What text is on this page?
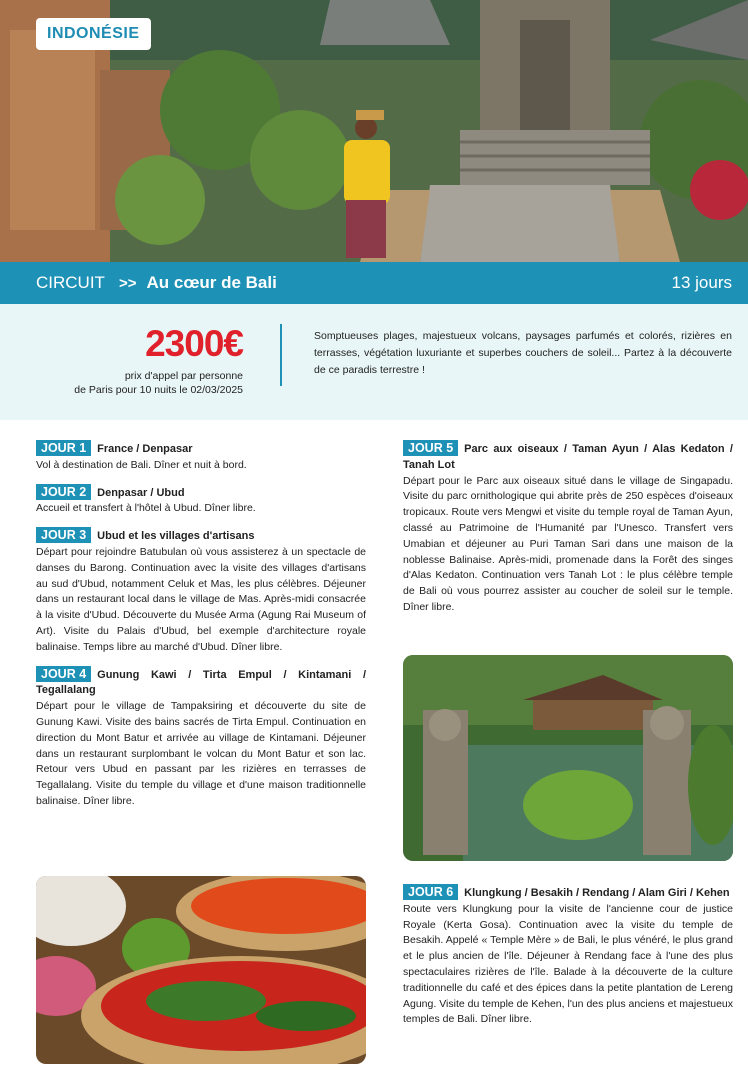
INDONÉSIE
CIRCUIT >> Au cœur de Bali	13 jours
2300€
prix d'appel par personne
de Paris pour 10 nuits le 02/03/2025
Somptueuses plages, majestueux volcans, paysages parfumés et colorés, rizières en terrasses, végétation luxuriante et superbes couchers de soleil... Partez à la découverte de ce paradis terrestre !
JOUR 1 France / Denpasar

Vol à destination de Bali. Dîner et nuit à bord.

JOUR 2 Denpasar / Ubud

Accueil et transfert à l'hôtel à Ubud. Dîner libre.

JOUR 3 Ubud et les villages d'artisans

Départ pour rejoindre Batubulan où vous assisterez à un spectacle de danses du Barong. Continuation avec la visite des villages d'artisans au sud d'Ubud, notamment Celuk et Mas, les plus célèbres. Déjeuner dans un restaurant local dans le village de Mas. Après-midi consacrée à la visite d'Ubud. Découverte du Musée Arma (Agung Rai Museum of Art). Visite du Palais d'Ubud, bel exemple d'architecture royale balinaise. Temps libre au marché d'Ubud. Dîner libre.

JOUR 4 Gunung Kawi / Tirta Empul / Kintamani / Tegallalang

Départ pour le village de Tampaksiring et découverte du site de Gunung Kawi. Visite des bains sacrés de Tirta Empul. Continuation en direction du Mont Batur et arrivée au village de Kintamani. Déjeuner dans un restaurant surplombant le volcan du Mont Batur et son lac. Retour vers Ubud en passant par les rizières en terrasses de Tegallalang. Visite du temple du village et d'une maison traditionnelle balinaise. Dîner libre.

JOUR 5 Parc aux oiseaux / Taman Ayun / Alas Kedaton / Tanah Lot

Départ pour le Parc aux oiseaux situé dans le village de Singapadu. Visite du parc ornithologique qui abrite près de 250 espèces d'oiseaux tropicaux. Route vers Mengwi et visite du temple royal de Taman Ayun, classé au Patrimoine de l'Humanité par l'Unesco. Transfert vers Umabian et déjeuner au Puri Taman Sari dans une maison de la noblesse Balinaise. Après-midi, promenade dans la Forêt des singes d'Alas Kedaton. Continuation vers Tanah Lot : le plus célèbre temple de Bali où vous pourrez assister au coucher de soleil sur le temple. Dîner libre.

JOUR 6 Klungkung / Besakih / Rendang / Alam Giri / Kehen

Route vers Klungkung pour la visite de l'ancienne cour de justice Royale (Kerta Gosa). Continuation avec la visite du temple de Besakih. Appelé « Temple Mère » de Bali, le plus vénéré, le plus grand et le plus ancien de l'île. Déjeuner à Rendang face à l'une des plus spectaculaires rizières de l'île. Balade à la découverte de la culture traditionnelle du café et des épices dans la petite plantation de Lereng Agung. Visite du temple de Kehen, l'un des plus anciens et majestueux temples de Bali. Dîner libre.
